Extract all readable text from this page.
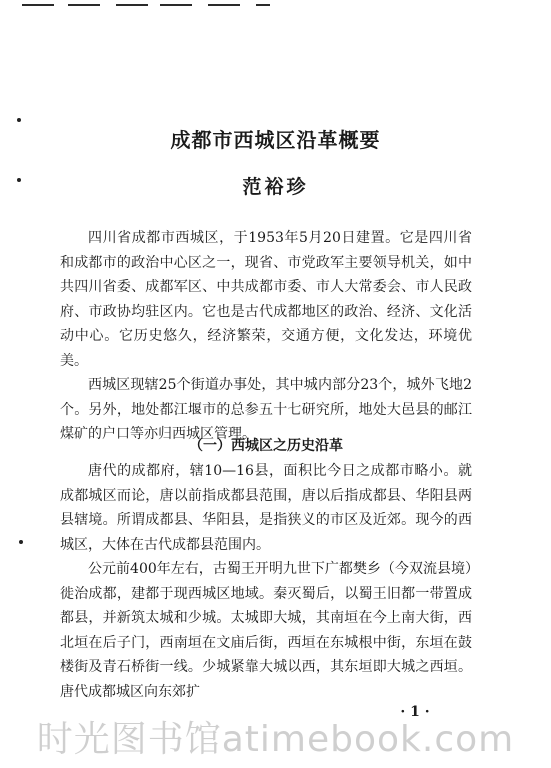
成都市西城区沿革概要
范裕珍

四川省成都市西城区，于1953年5月20日建置。它是四川省和成都市的政治中心区之一，现省、市党政军主要领导机关，如中共四川省委、成都军区、中共成都市委、市人大常委会、市人民政府、市政协均驻区内。它也是古代成都地区的政治、经济、文化活动中心。它历史悠久，经济繁荣，交通方便，文化发达，环境优美。

西城区现辖25个街道办事处，其中城内部分23个，城外飞地2个。另外，地处都江堰市的总参五十七研究所，地处大邑县的邮江煤矿的户口等亦归西城区管理。

（一）西城区之历史沿革

唐代的成都府，辖10—16县，面积比今日之成都市略小。就成都城区而论，唐以前指成都县范围，唐以后指成都县、华阳县两县辖境。所谓成都县、华阳县，是指狭义的市区及近郊。现今的西城区，大体在古代成都县范围内。

公元前400年左右，古蜀王开明九世下广都樊乡（今双流县境）徙治成都，建都于现西城区地域。秦灭蜀后，以蜀王旧都一带置成都县，并新筑太城和少城。太城即大城，其南垣在今上南大街，西北垣在后子门，西南垣在文庙后街，西垣在东城根中街，东垣在鼓楼街及青石桥街一线。少城紧靠大城以西，其东垣即大城之西垣。唐代成都城区向东郊扩

· 1 ·
时光图书馆atimebook.com
